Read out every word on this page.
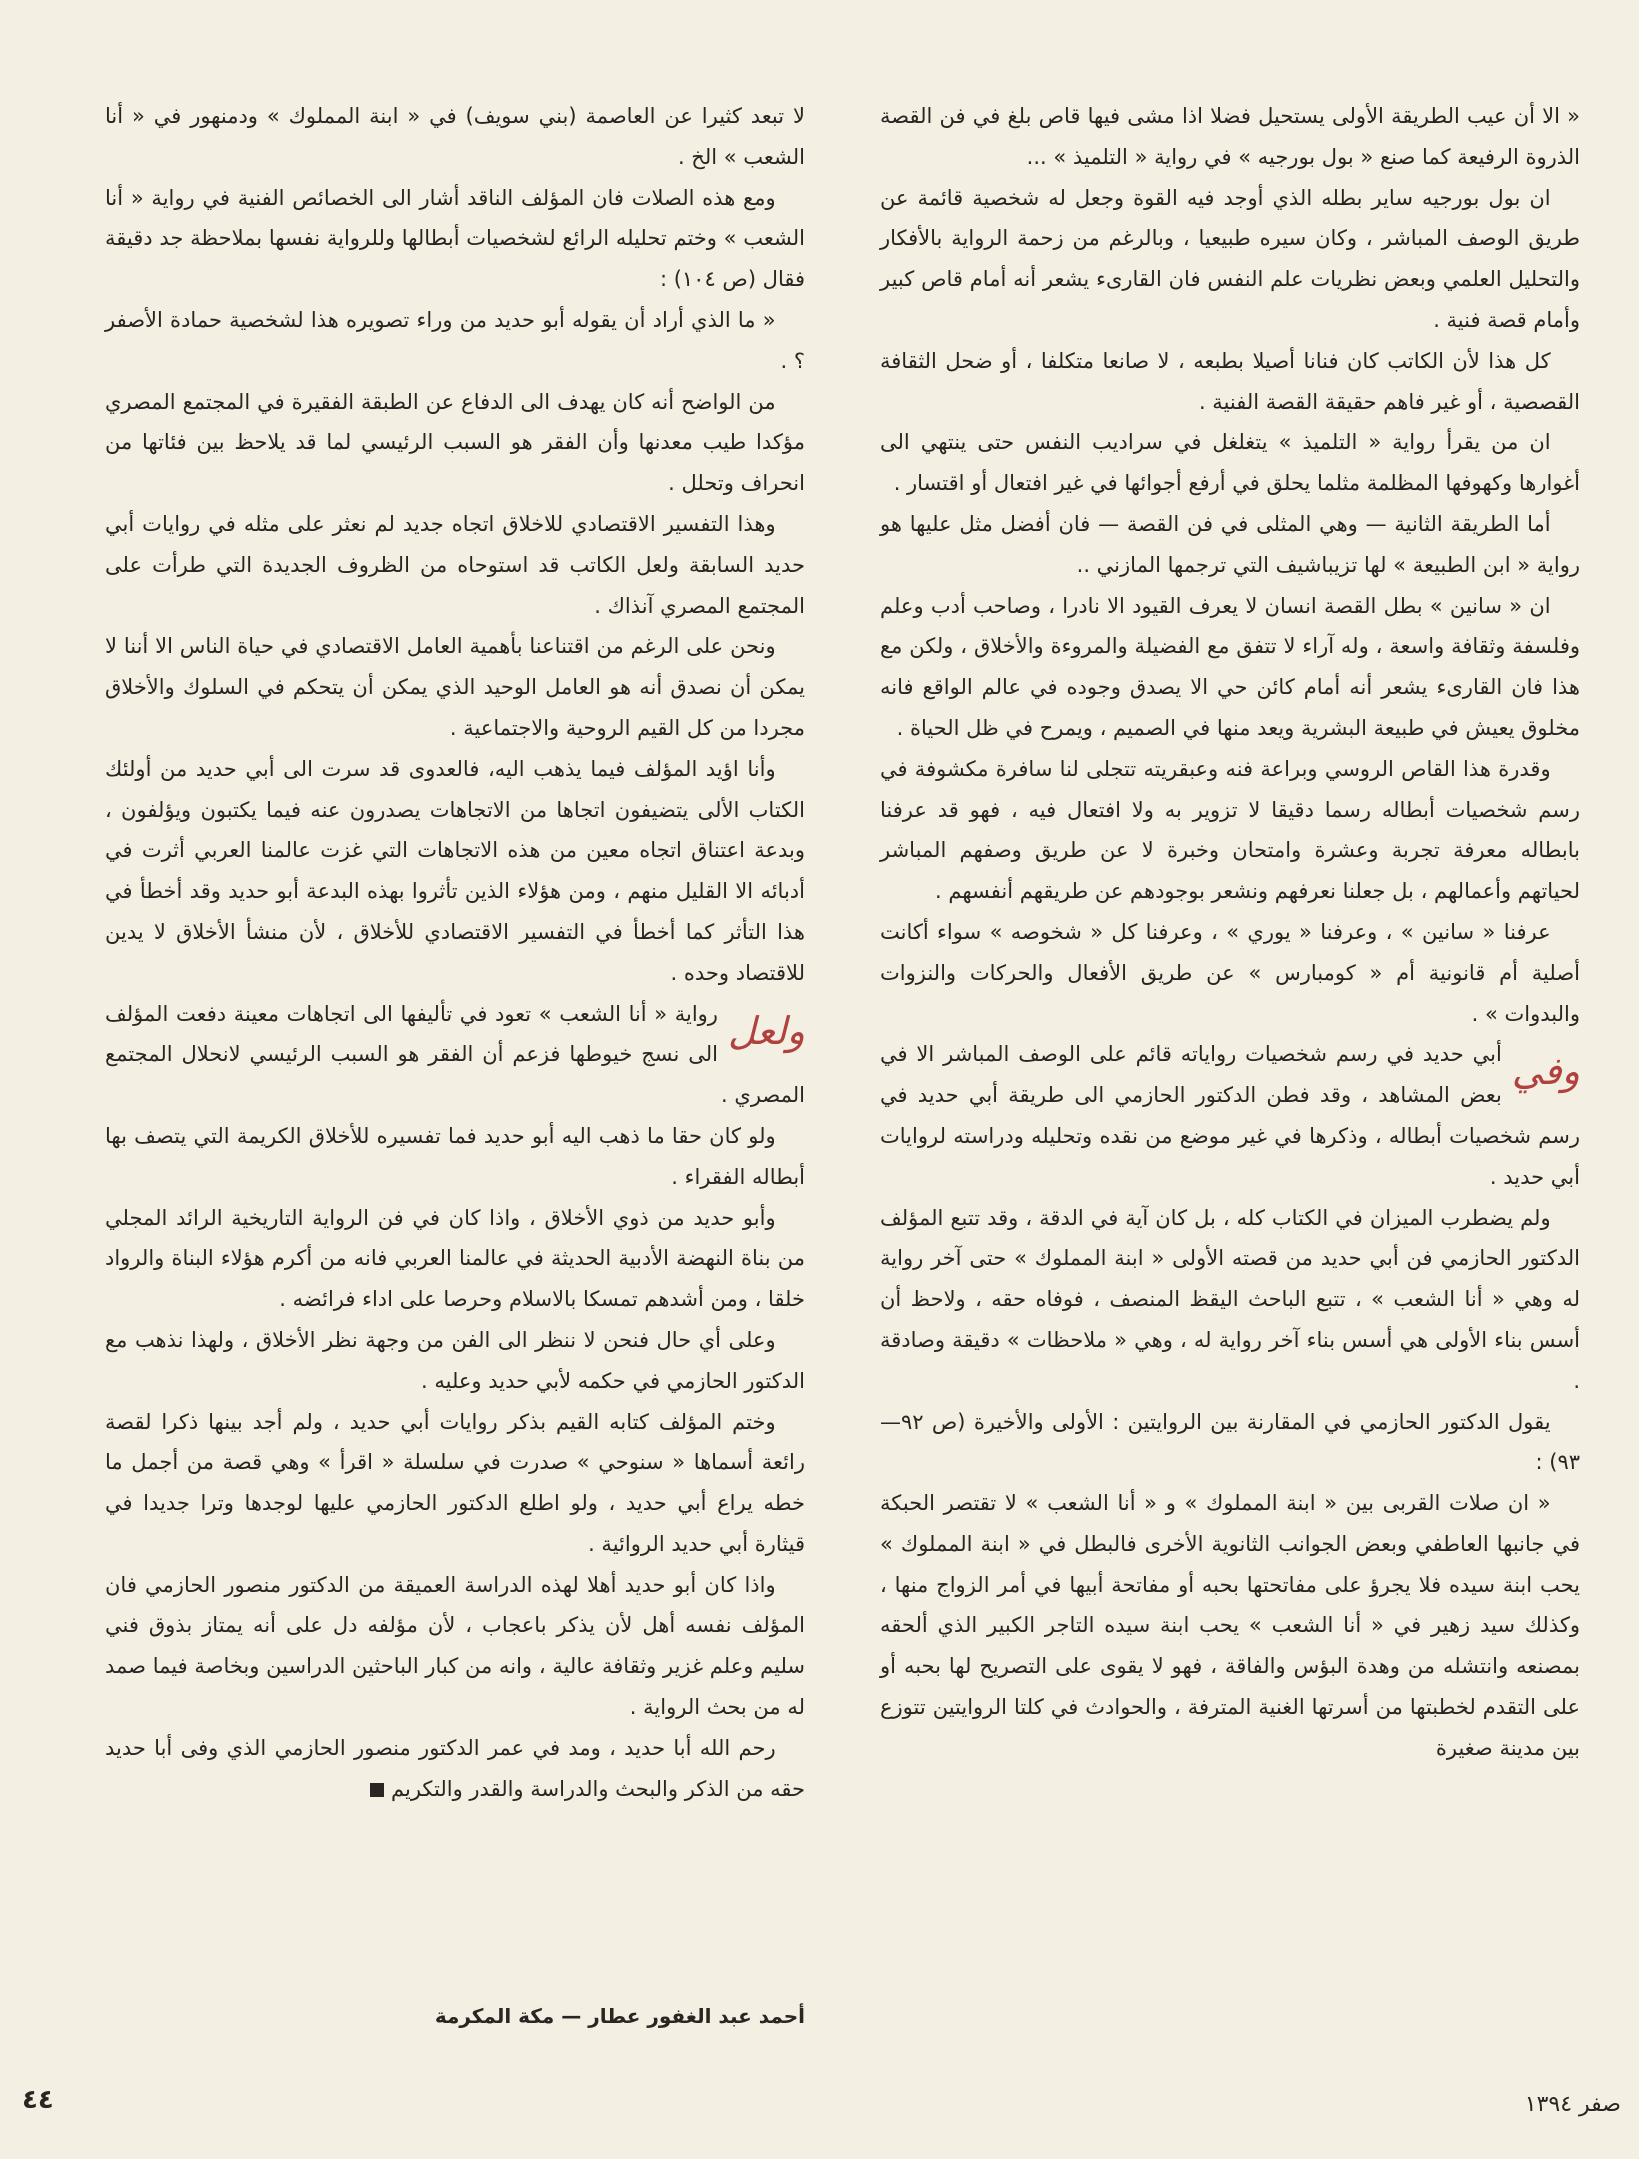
« الا أن عيب الطريقة الأولى يستحيل فضلا اذا مشى فيها قاص بلغ في فن القصة الذروة الرفيعة كما صنع « بول بورجيه » في رواية « التلميذ » ...

ان بول بورجيه ساير بطله الذي أوجد فيه القوة وجعل له شخصية قائمة عن طريق الوصف المباشر ، وكان سيره طبيعيا ، وبالرغم من زحمة الرواية بالأفكار والتحليل العلمي وبعض نظريات علم النفس فان القارىء يشعر أنه أمام قاص كبير وأمام قصة فنية .

كل هذا لأن الكاتب كان فنانا أصيلا بطبعه ، لا صانعا متكلفا ، أو ضحل الثقافة القصصية ، أو غير فاهم حقيقة القصة الفنية .

ان من يقرأ رواية « التلميذ » يتغلغل في سراديب النفس حتى ينتهي الى أغوارها وكهوفها المظلمة مثلما يحلق في أرفع أجوائها في غير افتعال أو اقتسار .

أما الطريقة الثانية — وهي المثلى في فن القصة — فان أفضل مثل عليها هو رواية « ابن الطبيعة » لها تزيباشيف التي ترجمها المازني ..

ان « سانين » بطل القصة انسان لا يعرف القيود الا نادرا ، وصاحب أدب وعلم وفلسفة وثقافة واسعة ، وله آراء لا تتفق مع الفضيلة والمروءة والأخلاق ، ولكن مع هذا فان القارىء يشعر أنه أمام كائن حي الا يصدق وجوده في عالم الواقع فانه مخلوق يعيش في طبيعة البشرية ويعد منها في الصميم ، ويمرح في ظل الحياة .

وقدرة هذا القاص الروسي وبراعة فنه وعبقريته تتجلى لنا سافرة مكشوفة في رسم شخصيات أبطاله رسما دقيقا لا تزوير به ولا افتعال فيه ، فهو قد عرفنا بابطاله معرفة تجربة وعشرة وامتحان وخبرة لا عن طريق وصفهم المباشر لحياتهم وأعمالهم ، بل جعلنا نعرفهم ونشعر بوجودهم عن طريقهم أنفسهم .

عرفنا « سانين » ، وعرفنا « يوري » ، وعرفنا كل « شخوصه » سواء أكانت أصلية أم قانونية أم « كومبارس » عن طريق الأفعال والحركات والنزوات والبدوات » .

وفي
أبي حديد في رسم شخصيات رواياته قائم على الوصف المباشر الا في بعض المشاهد ، وقد فطن الدكتور الحازمي الى طريقة أبي حديد في رسم شخصيات أبطاله ، وذكرها في غير موضع من نقده وتحليله ودراسته لروايات أبي حديد .

ولم يضطرب الميزان في الكتاب كله ، بل كان آية في الدقة ، وقد تتبع المؤلف الدكتور الحازمي فن أبي حديد من قصته الأولى « ابنة المملوك » حتى آخر رواية له وهي « أنا الشعب » ، تتبع الباحث اليقظ المنصف ، فوفاه حقه ، ولاحظ أن أسس بناء الأولى هي أسس بناء آخر رواية له ، وهي « ملاحظات » دقيقة وصادقة .

يقول الدكتور الحازمي في المقارنة بين الروايتين : الأولى والأخيرة (ص ٩٢—٩٣) :

« ان صلات القربى بين « ابنة المملوك » و « أنا الشعب » لا تقتصر الحبكة في جانبها العاطفي وبعض الجوانب الثانوية الأخرى فالبطل في « ابنة المملوك » يحب ابنة سيده فلا يجرؤ على مفاتحتها بحبه أو مفاتحة أبيها في أمر الزواج منها ، وكذلك سيد زهير في « أنا الشعب » يحب ابنة سيده التاجر الكبير الذي ألحقه بمصنعه وانتشله من وهدة البؤس والفاقة ، فهو لا يقوى على التصريح لها بحبه أو على التقدم لخطبتها من أسرتها الغنية المترفة ، والحوادث في كلتا الروايتين تتوزع بين مدينة صغيرة

لا تبعد كثيرا عن العاصمة (بني سويف) في « ابنة المملوك » ودمنهور في « أنا الشعب » الخ .

ومع هذه الصلات فان المؤلف الناقد أشار الى الخصائص الفنية في رواية « أنا الشعب » وختم تحليله الرائع لشخصيات أبطالها وللرواية نفسها بملاحظة جد دقيقة فقال (ص ١٠٤) :

« ما الذي أراد أن يقوله أبو حديد من وراء تصويره هذا لشخصية حمادة الأصفر ؟ .

من الواضح أنه كان يهدف الى الدفاع عن الطبقة الفقيرة في المجتمع المصري مؤكدا طيب معدنها وأن الفقر هو السبب الرئيسي لما قد يلاحظ بين فئاتها من انحراف وتحلل .

وهذا التفسير الاقتصادي للاخلاق اتجاه جديد لم نعثر على مثله في روايات أبي حديد السابقة ولعل الكاتب قد استوحاه من الظروف الجديدة التي طرأت على المجتمع المصري آنذاك .

ونحن على الرغم من اقتناعنا بأهمية العامل الاقتصادي في حياة الناس الا أننا لا يمكن أن نصدق أنه هو العامل الوحيد الذي يمكن أن يتحكم في السلوك والأخلاق مجردا من كل القيم الروحية والاجتماعية .

وأنا اؤيد المؤلف فيما يذهب اليه، فالعدوى قد سرت الى أبي حديد من أولئك الكتاب الألى يتضيفون اتجاها من الاتجاهات يصدرون عنه فيما يكتبون ويؤلفون ، وبدعة اعتناق اتجاه معين من هذه الاتجاهات التي غزت عالمنا العربي أثرت في أدبائه الا القليل منهم ، ومن هؤلاء الذين تأثروا بهذه البدعة أبو حديد وقد أخطأ في هذا التأثر كما أخطأ في التفسير الاقتصادي للأخلاق ، لأن منشأ الأخلاق لا يدين للاقتصاد وحده .

ولعل
رواية « أنا الشعب » تعود في تأليفها الى اتجاهات معينة دفعت المؤلف الى نسج خيوطها فزعم أن الفقر هو السبب الرئيسي لانحلال المجتمع المصري .

ولو كان حقا ما ذهب اليه أبو حديد فما تفسيره للأخلاق الكريمة التي يتصف بها أبطاله الفقراء .

وأبو حديد من ذوي الأخلاق ، واذا كان في فن الرواية التاريخية الرائد المجلي من بناة النهضة الأدبية الحديثة في عالمنا العربي فانه من أكرم هؤلاء البناة والرواد خلقا ، ومن أشدهم تمسكا بالاسلام وحرصا على اداء فرائضه .

وعلى أي حال فنحن لا ننظر الى الفن من وجهة نظر الأخلاق ، ولهذا نذهب مع الدكتور الحازمي في حكمه لأبي حديد وعليه .

وختم المؤلف كتابه القيم بذكر روايات أبي حديد ، ولم أجد بينها ذكرا لقصة رائعة أسماها « سنوحي » صدرت في سلسلة « اقرأ » وهي قصة من أجمل ما خطه يراع أبي حديد ، ولو اطلع الدكتور الحازمي عليها لوجدها وترا جديدا في قيثارة أبي حديد الروائية .

واذا كان أبو حديد أهلا لهذه الدراسة العميقة من الدكتور منصور الحازمي فان المؤلف نفسه أهل لأن يذكر باعجاب ، لأن مؤلفه دل على أنه يمتاز بذوق فني سليم وعلم غزير وثقافة عالية ، وانه من كبار الباحثين الدراسين وبخاصة فيما صمد له من بحث الرواية .

رحم الله أبا حديد ، ومد في عمر الدكتور منصور الحازمي الذي وفى أبا حديد حقه من الذكر والبحث والدراسة والقدر والتكريم

أحمد عبد الغفور عطار — مكة المكرمة
٤٤	صفر ١٣٩٤
